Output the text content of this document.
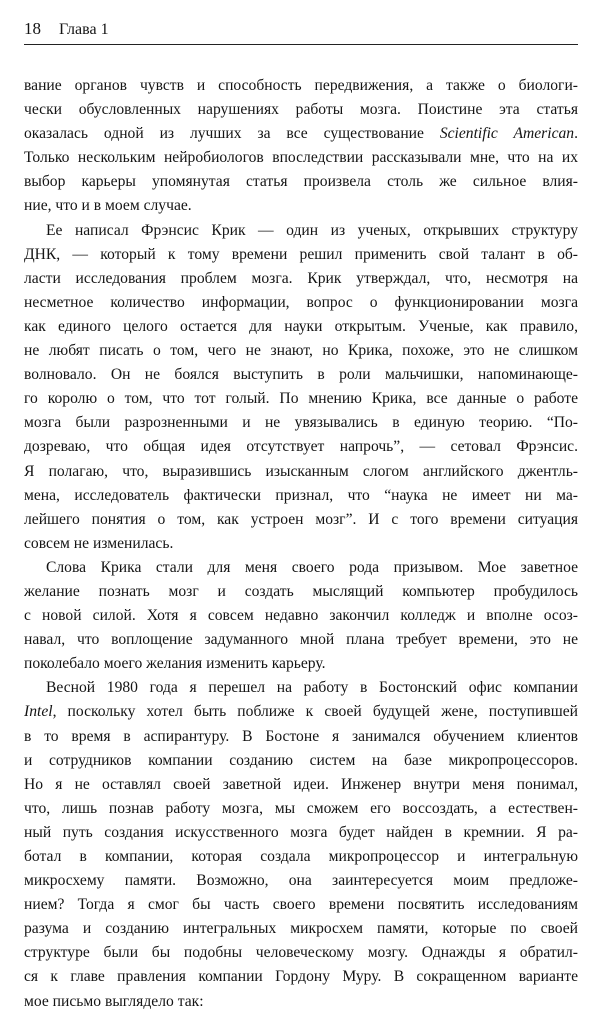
18 Глава 1
вание органов чувств и способность передвижения, а также о биологи-
чески обусловленных нарушениях работы мозга. Поистине эта статья
оказалась одной из лучших за все существование Scientific American.
Только нескольким нейробиологов впоследствии рассказывали мне, что на их
выбор карьеры упомянутая статья произвела столь же сильное влия-
ние, что и в моем случае.
Ее написал Фрэнсис Крик — один из ученых, открывших структуру
ДНК, — который к тому времени решил применить свой талант в об-
ласти исследования проблем мозга. Крик утверждал, что, несмотря на
несметное количество информации, вопрос о функционировании мозга
как единого целого остается для науки открытым. Ученые, как правило,
не любят писать о том, чего не знают, но Крика, похоже, это не слишком
волновало. Он не боялся выступить в роли мальчишки, напоминающе-
го королю о том, что тот голый. По мнению Крика, все данные о работе
мозга были разрозненными и не увязывались в единую теорию. “По-
дозреваю, что общая идея отсутствует напрочь”, — сетовал Фрэнсис.
Я полагаю, что, выразившись изысканным слогом английского джентль-
мена, исследователь фактически признал, что “наука не имеет ни ма-
лейшего понятия о том, как устроен мозг”. И с того времени ситуация
совсем не изменилась.
Слова Крика стали для меня своего рода призывом. Мое заветное
желание познать мозг и создать мыслящий компьютер пробудилось
с новой силой. Хотя я совсем недавно закончил колледж и вполне осоз-
навал, что воплощение задуманного мной плана требует времени, это не
поколебало моего желания изменить карьеру.
Весной 1980 года я перешел на работу в Бостонский офис компании
Intel, поскольку хотел быть поближе к своей будущей жене, поступившей
в то время в аспирантуру. В Бостоне я занимался обучением клиентов
и сотрудников компании созданию систем на базе микропроцессоров.
Но я не оставлял своей заветной идеи. Инженер внутри меня понимал,
что, лишь познав работу мозга, мы сможем его воссоздать, а естествен-
ный путь создания искусственного мозга будет найден в кремнии. Я ра-
ботал в компании, которая создала микропроцессор и интегральную
микросхему памяти. Возможно, она заинтересуется моим предложе-
нием? Тогда я смог бы часть своего времени посвятить исследованиям
разума и созданию интегральных микросхем памяти, которые по своей
структуре были бы подобны человеческому мозгу. Однажды я обратил-
ся к главе правления компании Гордону Муру. В сокращенном варианте
мое письмо выглядело так:
